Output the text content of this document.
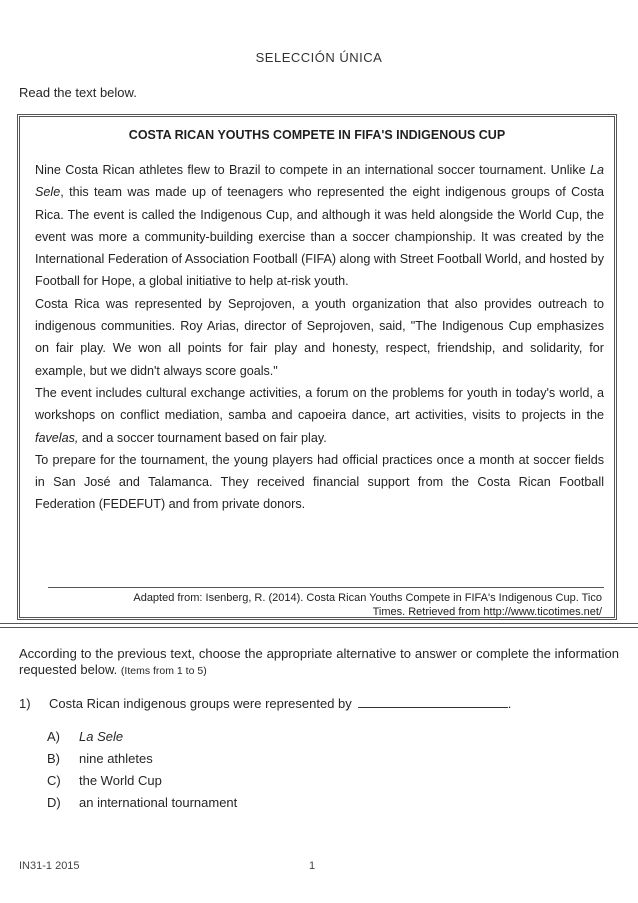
SELECCIÓN ÚNICA
Read the text below.
COSTA RICAN YOUTHS COMPETE IN FIFA'S INDIGENOUS CUP

Nine Costa Rican athletes flew to Brazil to compete in an international soccer tournament. Unlike La Sele, this team was made up of teenagers who represented the eight indigenous groups of Costa Rica. The event is called the Indigenous Cup, and although it was held alongside the World Cup, the event was more a community-building exercise than a soccer championship. It was created by the International Federation of Association Football (FIFA) along with Street Football World, and hosted by Football for Hope, a global initiative to help at-risk youth.

Costa Rica was represented by Seprojoven, a youth organization that also provides outreach to indigenous communities. Roy Arias, director of Seprojoven, said, "The Indigenous Cup emphasizes on fair play. We won all points for fair play and honesty, respect, friendship, and solidarity, for example, but we didn't always score goals."

The event includes cultural exchange activities, a forum on the problems for youth in today's world, a workshops on conflict mediation, samba and capoeira dance, art activities, visits to projects in the favelas, and a soccer tournament based on fair play.

To prepare for the tournament, the young players had official practices once a month at soccer fields in San José and Talamanca. They received financial support from the Costa Rican Football Federation (FEDEFUT) and from private donors.

Adapted from: Isenberg, R. (2014). Costa Rican Youths Compete in FIFA's Indigenous Cup. Tico
Times. Retrieved from http://www.ticotimes.net/
According to the previous text, choose the appropriate alternative to answer or complete the information requested below. (Items from 1 to 5)
1) Costa Rican indigenous groups were represented by	.
A) La Sele
B) nine athletes
C) the World Cup
D) an international tournament
IN31-1 2015	1
